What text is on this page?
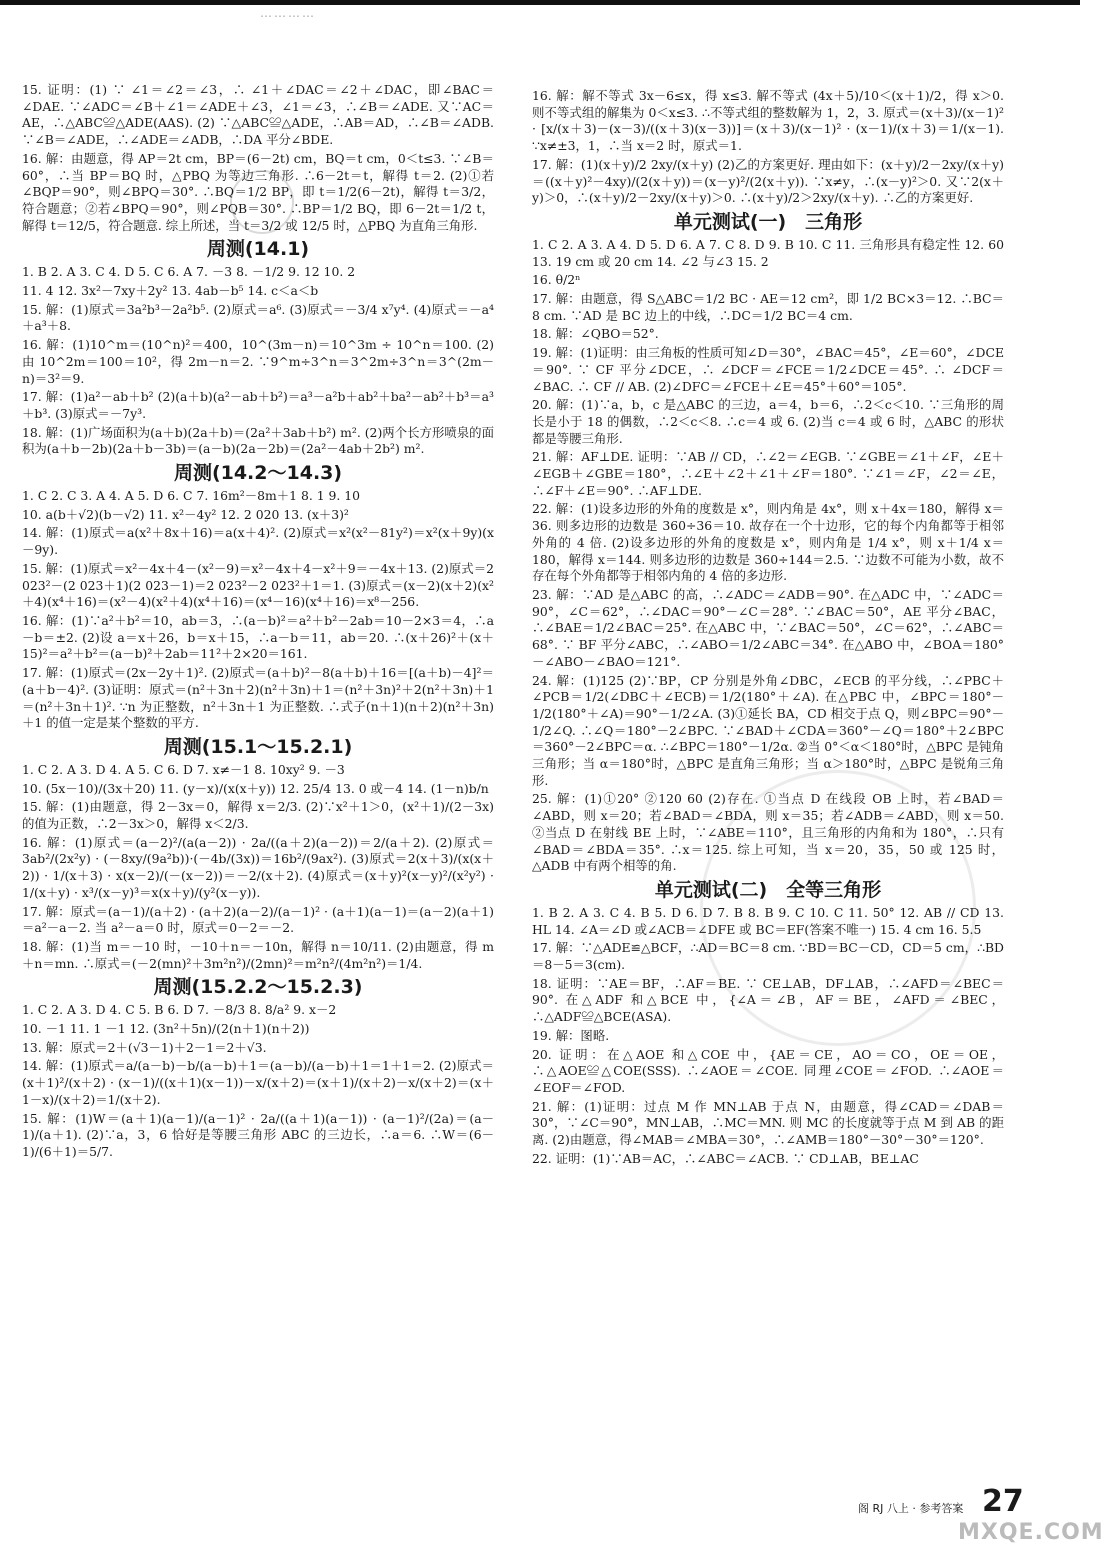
…………
15. 证明：(1) ∵ ∠1＝∠2＝∠3，∴ ∠1＋∠DAC＝∠2＋∠DAC，即∠BAC＝∠DAE. ∵∠ADC＝∠B＋∠1＝∠ADE＋∠3，∠1＝∠3，∴∠B＝∠ADE. 又∵AC＝AE，∴△ABC≌△ADE(AAS). (2) ∵△ABC≌△ADE，∴AB＝AD，∴∠B＝∠ADB. ∵∠B＝∠ADE，∴∠ADE＝∠ADB，∴DA 平分∠BDE.
16. 解：由题意，得 AP＝2t cm，BP＝(6－2t) cm，BQ＝t cm，0＜t≤3. ∵∠B＝60°，∴当 BP＝BQ 时，△PBQ 为等边三角形. ∴6－2t＝t，解得 t＝2. (2)①若∠BQP＝90°，则∠BPQ＝30°. ∴BQ＝1/2 BP，即 t＝1/2(6－2t)，解得 t＝3/2，符合题意；②若∠BPQ＝90°，则∠PQB＝30°. ∴BP＝1/2 BQ，即 6－2t＝1/2 t，解得 t＝12/5，符合题意. 综上所述，当 t＝3/2 或 12/5 时，△PBQ 为直角三角形.
周测(14.1)
1. B 2. A 3. C 4. D 5. C 6. A 7. －3 8. －1/2 9. 12 10. 2
11. 4 12. 3x²－7xy＋2y² 13. 4ab－b⁵ 14. c＜a＜b
15. 解：(1)原式＝3a²b³－2a²b⁵. (2)原式＝a⁶. (3)原式＝－3/4 x⁷y⁴. (4)原式＝－a⁴＋a³＋8.
16. 解：(1)10^m＝(10^n)²＝400，10^(3m－n)＝10^3m ÷ 10^n＝100. (2)由 10^2m＝100＝10²，得 2m－n＝2. ∵9^m÷3^n＝3^2m÷3^n＝3^(2m－n)＝3²＝9.
17. 解：(1)a²－ab＋b² (2)(a＋b)(a²－ab＋b²)＝a³－a²b＋ab²＋ba²－ab²＋b³＝a³＋b³. (3)原式＝－7y³.
18. 解：(1)广场面积为(a＋b)(2a＋b)＝(2a²＋3ab＋b²) m². (2)两个长方形喷泉的面积为(a＋b－2b)(2a＋b－3b)＝(a－b)(2a－2b)＝(2a²－4ab＋2b²) m².
周测(14.2～14.3)
1. C 2. C 3. A 4. A 5. D 6. C 7. 16m²－8m＋1 8. 1 9. 10
10. a(b＋√2)(b－√2) 11. x²－4y² 12. 2 020 13. (x＋3)²
14. 解：(1)原式＝a(x²＋8x＋16)＝a(x＋4)². (2)原式＝x²(x²－81y²)＝x²(x＋9y)(x－9y).
15. 解：(1)原式＝x²－4x＋4－(x²－9)＝x²－4x＋4－x²＋9＝－4x＋13. (2)原式＝2 023²－(2 023＋1)(2 023－1)＝2 023²－2 023²＋1＝1. (3)原式＝(x－2)(x＋2)(x²＋4)(x⁴＋16)＝(x²－4)(x²＋4)(x⁴＋16)＝(x⁴－16)(x⁴＋16)＝x⁸－256.
16. 解：(1)∵a²＋b²＝10，ab＝3，∴(a－b)²＝a²＋b²－2ab＝10－2×3＝4，∴a－b＝±2. (2)设 a＝x＋26，b＝x＋15，∴a－b＝11，ab＝20. ∴(x＋26)²＋(x＋15)²＝a²＋b²＝(a－b)²＋2ab＝11²＋2×20＝161.
17. 解：(1)原式＝(2x－2y＋1)². (2)原式＝(a＋b)²－8(a＋b)＋16＝[(a＋b)－4]²＝(a＋b－4)². (3)证明：原式＝(n²＋3n＋2)(n²＋3n)＋1＝(n²＋3n)²＋2(n²＋3n)＋1＝(n²＋3n＋1)². ∵n 为正整数，n²＋3n＋1 为正整数. ∴式子(n＋1)(n＋2)(n²＋3n)＋1 的值一定是某个整数的平方.
周测(15.1～15.2.1)
1. C 2. A 3. D 4. A 5. C 6. D 7. x≠－1 8. 10xy² 9. －3
10. (5x－10)/(3x＋20) 11. (y－x)/(x(x＋y)) 12. 25/4 13. 0 或－4 14. (1－n)b/n
15. 解：(1)由题意，得 2－3x＝0，解得 x＝2/3. (2)∵x²＋1＞0，(x²＋1)/(2－3x) 的值为正数，∴2－3x＞0，解得 x＜2/3.
16. 解：(1)原式＝(a－2)²/(a(a－2)) · 2a/((a＋2)(a－2))＝2/(a＋2). (2)原式＝3ab²/(2x²y) · (－8xy/(9a²b))·(－4b/(3x))＝16b²/(9ax²). (3)原式＝2(x＋3)/(x(x＋2)) · 1/(x＋3) · x(x－2)/(－(x－2))＝－2/(x＋2). (4)原式＝(x＋y)²(x－y)²/(x²y²) · 1/(x＋y) · x³/(x－y)³＝x(x＋y)/(y²(x－y)).
17. 解：原式＝(a－1)/(a＋2) · (a＋2)(a－2)/(a－1)² · (a＋1)(a－1)＝(a－2)(a＋1)＝a²－a－2. 当 a²－a＝0 时，原式＝0－2＝－2.
18. 解：(1)当 m＝－10 时，－10＋n＝－10n，解得 n＝10/11. (2)由题意，得 m＋n＝mn. ∴原式＝(－2(mn)²＋3m²n²)/(2mn)²＝m²n²/(4m²n²)＝1/4.
周测(15.2.2～15.2.3)
1. C 2. A 3. D 4. C 5. B 6. D 7. －8/3 8. 8/a² 9. x－2
10. －1 11. 1 －1 12. (3n²＋5n)/(2(n＋1)(n＋2))
13. 解：原式＝2＋(√3－1)＋2－1＝2＋√3.
14. 解：(1)原式＝a/(a－b)－b/(a－b)＋1＝(a－b)/(a－b)＋1＝1＋1＝2. (2)原式＝(x＋1)²/(x＋2) · (x－1)/((x＋1)(x－1))－x/(x＋2)＝(x＋1)/(x＋2)－x/(x＋2)＝(x＋1－x)/(x＋2)＝1/(x＋2).
15. 解：(1)W＝(a＋1)(a－1)/(a－1)² · 2a/((a＋1)(a－1)) · (a－1)²/(2a)＝(a－1)/(a＋1). (2)∵a，3，6 恰好是等腰三角形 ABC 的三边长，∴a＝6. ∴W＝(6－1)/(6＋1)＝5/7.
16. 解：解不等式 3x－6≤x，得 x≤3. 解不等式 (4x＋5)/10＜(x＋1)/2，得 x＞0. 则不等式组的解集为 0＜x≤3. ∴不等式组的整数解为 1，2，3. 原式＝(x＋3)/(x－1)² · [x/(x＋3)－(x－3)/((x＋3)(x－3))]＝(x＋3)/(x－1)² · (x－1)/(x＋3)＝1/(x－1). ∵x≠±3，1，∴当 x＝2 时，原式＝1.
17. 解：(1)(x＋y)/2 2xy/(x＋y) (2)乙的方案更好. 理由如下：(x＋y)/2－2xy/(x＋y)＝((x＋y)²－4xy)/(2(x＋y))＝(x－y)²/(2(x＋y)). ∵x≠y，∴(x－y)²＞0. 又∵2(x＋y)＞0，∴(x＋y)/2－2xy/(x＋y)＞0. ∴(x＋y)/2＞2xy/(x＋y). ∴乙的方案更好.
单元测试(一)　三角形
1. C 2. A 3. A 4. D 5. D 6. A 7. C 8. D 9. B 10. C 11. 三角形具有稳定性 12. 60 13. 19 cm 或 20 cm 14. ∠2 与∠3 15. 2
16. θ/2ⁿ
17. 解：由题意，得 S△ABC＝1/2 BC · AE＝12 cm²，即 1/2 BC×3＝12. ∴BC＝8 cm. ∵AD 是 BC 边上的中线，∴DC＝1/2 BC＝4 cm.
18. 解：∠QBO＝52°.
19. 解：(1)证明：由三角板的性质可知∠D＝30°，∠BAC＝45°，∠E＝60°，∠DCE＝90°. ∵ CF 平分∠DCE，∴ ∠DCF＝∠FCE＝1/2∠DCE＝45°. ∴ ∠DCF＝∠BAC. ∴ CF // AB. (2)∠DFC＝∠FCE＋∠E＝45°＋60°＝105°.
20. 解：(1)∵a，b，c 是△ABC 的三边，a＝4，b＝6，∴2＜c＜10. ∵三角形的周长是小于 18 的偶数，∴2＜c＜8. ∴c＝4 或 6. (2)当 c＝4 或 6 时，△ABC 的形状都是等腰三角形.
21. 解：AF⊥DE. 证明：∵AB // CD，∴∠2＝∠EGB. ∵∠GBE＝∠1＋∠F，∠E＋∠EGB＋∠GBE＝180°，∴∠E＋∠2＋∠1＋∠F＝180°. ∵∠1＝∠F，∠2＝∠E，∴∠F＋∠E＝90°. ∴AF⊥DE.
22. 解：(1)设多边形的外角的度数是 x°，则内角是 4x°，则 x＋4x＝180，解得 x＝36. 则多边形的边数是 360÷36＝10. 故存在一个十边形，它的每个内角都等于相邻外角的 4 倍. (2)设多边形的外角的度数是 x°，则内角是 1/4 x°，则 x＋1/4 x＝180，解得 x＝144. 则多边形的边数是 360÷144＝2.5. ∵边数不可能为小数，故不存在每个外角都等于相邻内角的 4 倍的多边形.
23. 解：∵AD 是△ABC 的高，∴∠ADC＝∠ADB＝90°. 在△ADC 中，∵∠ADC＝90°，∠C＝62°，∴∠DAC＝90°－∠C＝28°. ∵∠BAC＝50°，AE 平分∠BAC，∴∠BAE＝1/2∠BAC＝25°. 在△ABC 中，∵∠BAC＝50°，∠C＝62°，∴∠ABC＝68°. ∵ BF 平分∠ABC，∴∠ABO＝1/2∠ABC＝34°. 在△ABO 中，∠BOA＝180°－∠ABO－∠BAO＝121°.
24. 解：(1)125 (2)∵BP，CP 分别是外角∠DBC，∠ECB 的平分线，∴∠PBC＋∠PCB＝1/2(∠DBC＋∠ECB)＝1/2(180°＋∠A). 在△PBC 中，∠BPC＝180°－1/2(180°＋∠A)＝90°－1/2∠A. (3)①延长 BA，CD 相交于点 Q，则∠BPC＝90°－1/2∠Q. ∴∠Q＝180°－2∠BPC. ∵∠BAD＋∠CDA＝360°－∠Q＝180°＋2∠BPC＝360°－2∠BPC＝α. ∴∠BPC＝180°－1/2α. ②当 0°＜α＜180°时，△BPC 是钝角三角形；当 α＝180°时，△BPC 是直角三角形；当 α＞180°时，△BPC 是锐角三角形.
25. 解：(1)①20° ②120 60 (2)存在. ①当点 D 在线段 OB 上时，若∠BAD＝∠ABD，则 x＝20；若∠BAD＝∠BDA，则 x＝35；若∠ADB＝∠ABD，则 x＝50. ②当点 D 在射线 BE 上时，∵∠ABE＝110°，且三角形的内角和为 180°，∴只有∠BAD＝∠BDA＝35°. ∴x＝125. 综上可知，当 x＝20，35，50 或 125 时，△ADB 中有两个相等的角.
单元测试(二)　全等三角形
1. B 2. A 3. C 4. B 5. D 6. D 7. B 8. B 9. C 10. C 11. 50° 12. AB // CD 13. HL 14. ∠A＝∠D 或∠ACB＝∠DFE 或 BC＝EF(答案不唯一) 15. 4 cm 16. 5.5
17. 解：∵△ADE≌△BCF，∴AD＝BC＝8 cm. ∵BD＝BC－CD，CD＝5 cm，∴BD＝8－5＝3(cm).
18. 证明：∵AE＝BF，∴AF＝BE. ∵ CE⊥AB，DF⊥AB，∴∠AFD＝∠BEC＝90°. 在△ADF 和△BCE 中，{∠A＝∠B，AF＝BE，∠AFD＝∠BEC，∴△ADF≌△BCE(ASA).
19. 解：图略.
20. 证明：在△AOE 和△COE 中，{AE＝CE，AO＝CO，OE＝OE，∴△AOE≌△COE(SSS). ∴∠AOE＝∠COE. 同理∠COE＝∠FOD. ∴∠AOE＝∠EOF＝∠FOD.
21. 解：(1)证明：过点 M 作 MN⊥AB 于点 N，由题意，得∠CAD＝∠DAB＝30°，∵∠C＝90°，MN⊥AB，∴MC＝MN. 则 MC 的长度就等于点 M 到 AB 的距离. (2)由题意，得∠MAB＝∠MBA＝30°，∴∠AMB＝180°－30°－30°＝120°.
22. 证明：(1)∵AB＝AC，∴∠ABC＝∠ACB. ∵ CD⊥AB，BE⊥AC
阁 RJ 八上 · 参考答案 27
MXQE.COM
